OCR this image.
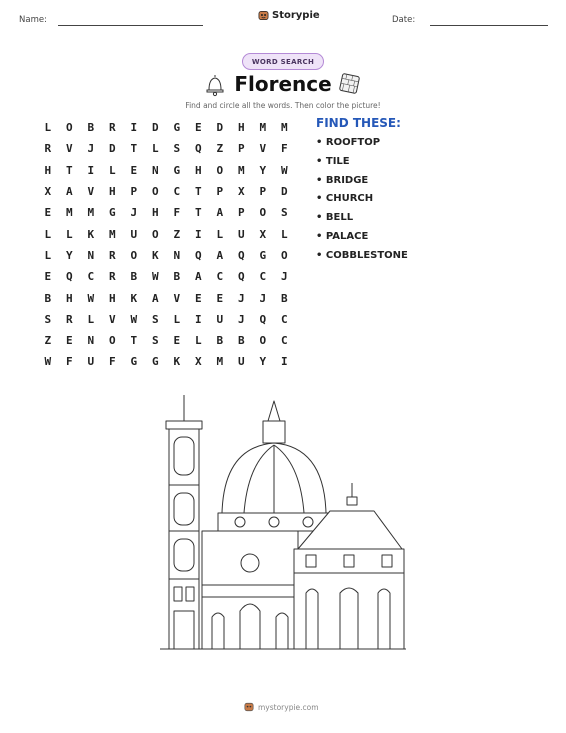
Name:	Storypie	Date:
WORD SEARCH
Florence
Find and circle all the words. Then color the picture!
L	O	B	R	I	D	G	E	D	H	M	M
R	V	J	D	T	L	S	Q	Z	P	V	F
H	T	I	L	E	N	G	H	O	M	Y	W
X	A	V	H	P	O	C	T	P	X	P	D
E	M	M	G	J	H	F	T	A	P	O	S
L	L	K	M	U	O	Z	I	L	U	X	L
L	Y	N	R	O	K	N	Q	A	Q	G	O
E	Q	C	R	B	W	B	A	C	Q	C	J
B	H	W	H	K	A	V	E	E	J	J	B
S	R	L	V	W	S	L	I	U	J	Q	C
Z	E	N	O	T	S	E	L	B	B	O	C
W	F	U	F	G	G	K	X	M	U	Y	I
FIND THESE:
• ROOFTOP
• TILE
• BRIDGE
• CHURCH
• BELL
• PALACE
• COBBLESTONE
mystorypie.com
